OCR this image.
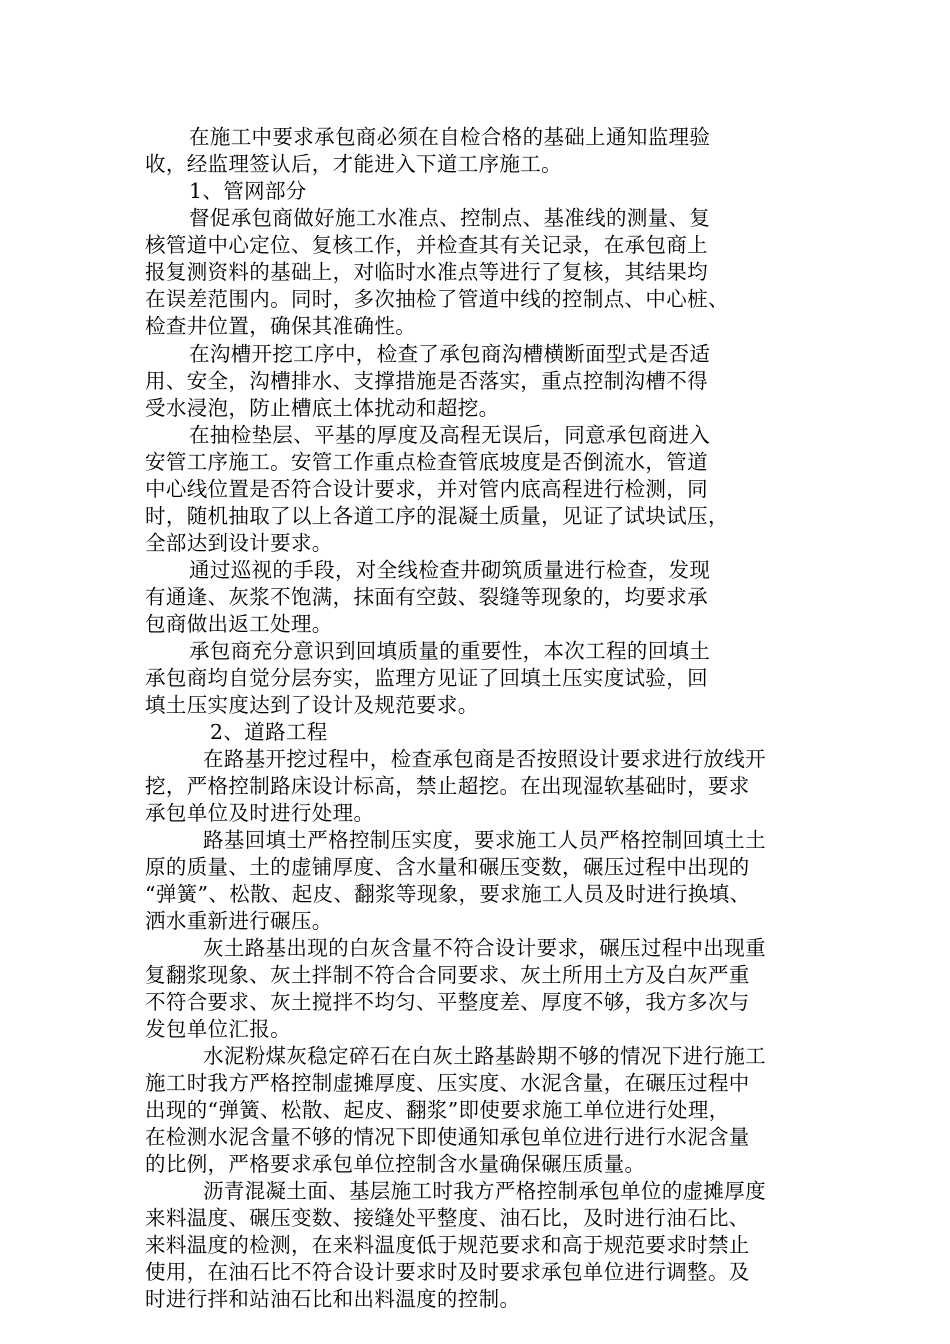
在施工中要求承包商必须在自检合格的基础上通知监理验
收，经监理签认后，才能进入下道工序施工。
1、管网部分
督促承包商做好施工水准点、控制点、基准线的测量、复
核管道中心定位、复核工作，并检查其有关记录，在承包商上
报复测资料的基础上，对临时水准点等进行了复核，其结果均
在误差范围内。同时，多次抽检了管道中线的控制点、中心桩、
检查井位置，确保其准确性。
在沟槽开挖工序中，检查了承包商沟槽横断面型式是否适
用、安全，沟槽排水、支撑措施是否落实，重点控制沟槽不得
受水浸泡，防止槽底土体扰动和超挖。
在抽检垫层、平基的厚度及高程无误后，同意承包商进入
安管工序施工。安管工作重点检查管底坡度是否倒流水，管道
中心线位置是否符合设计要求，并对管内底高程进行检测，同
时，随机抽取了以上各道工序的混凝土质量，见证了试块试压，
全部达到设计要求。
通过巡视的手段，对全线检查井砌筑质量进行检查，发现
有通逢、灰浆不饱满，抹面有空鼓、裂缝等现象的，均要求承
包商做出返工处理。
承包商充分意识到回填质量的重要性，本次工程的回填土
承包商均自觉分层夯实，监理方见证了回填土压实度试验，回
填土压实度达到了设计及规范要求。
2、道路工程
在路基开挖过程中，检查承包商是否按照设计要求进行放线开
挖，严格控制路床设计标高，禁止超挖。在出现湿软基础时，要求
承包单位及时进行处理。
路基回填土严格控制压实度，要求施工人员严格控制回填土土
原的质量、土的虚铺厚度、含水量和碾压变数，碾压过程中出现的
“弹簧”、松散、起皮、翻浆等现象，要求施工人员及时进行换填、
洒水重新进行碾压。
灰土路基出现的白灰含量不符合设计要求，碾压过程中出现重
复翻浆现象、灰土拌制不符合合同要求、灰土所用土方及白灰严重
不符合要求、灰土搅拌不均匀、平整度差、厚度不够，我方多次与
发包单位汇报。
水泥粉煤灰稳定碎石在白灰土路基龄期不够的情况下进行施工
施工时我方严格控制虚摊厚度、压实度、水泥含量，在碾压过程中
出现的“弹簧、松散、起皮、翻浆”即使要求施工单位进行处理，
在检测水泥含量不够的情况下即使通知承包单位进行进行水泥含量
的比例，严格要求承包单位控制含水量确保碾压质量。
沥青混凝土面、基层施工时我方严格控制承包单位的虚摊厚度
来料温度、碾压变数、接缝处平整度、油石比，及时进行油石比、
来料温度的检测，在来料温度低于规范要求和高于规范要求时禁止
使用，在油石比不符合设计要求时及时要求承包单位进行调整。及
时进行拌和站油石比和出料温度的控制。
